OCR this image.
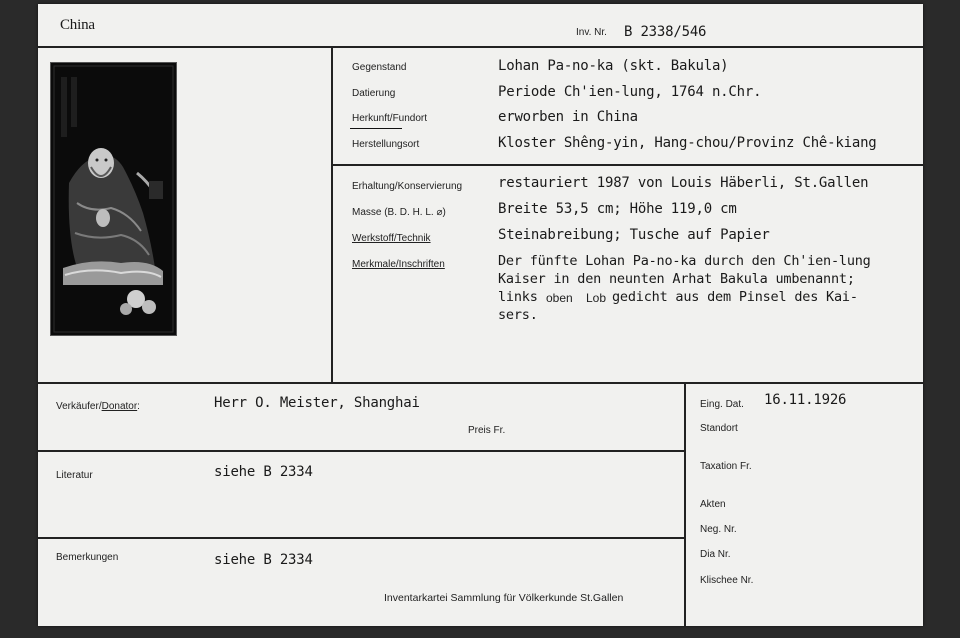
China	Inv. Nr. B 2338/546
Gegenstand	Lohan Pa-no-ka (skt. Bakula)
Datierung	Periode Ch'ien-lung, 1764 n.Chr.
Herkunft/Fundort	erworben in China
Herstellungsort	Kloster Shêng-yin, Hang-chou/Provinz Chê-kiang
Erhaltung/Konservierung	restauriert 1987 von Louis Häberli, St.Gallen
Masse (B. D. H. L. ⌀)	Breite 53,5 cm; Höhe 119,0 cm
Werkstoff/Technik	Steinabreibung; Tusche auf Papier
Merkmale/Inschriften	Der fünfte Lohan Pa-no-ka durch den Ch'ien-lung
Kaiser in den neunten Arhat Bakula umbenannt;
links oben Lob gedicht aus dem Pinsel des Kai-
sers.
Verkäufer/Donator:	Herr O. Meister, Shanghai
Preis Fr.
Literatur	siehe B 2334
Bemerkungen	siehe B 2334
Inventarkartei Sammlung für Völkerkunde St.Gallen
Eing. Dat. 16.11.1926
Standort
Taxation Fr.
Akten
Neg. Nr.
Dia Nr.
Klischee Nr.
